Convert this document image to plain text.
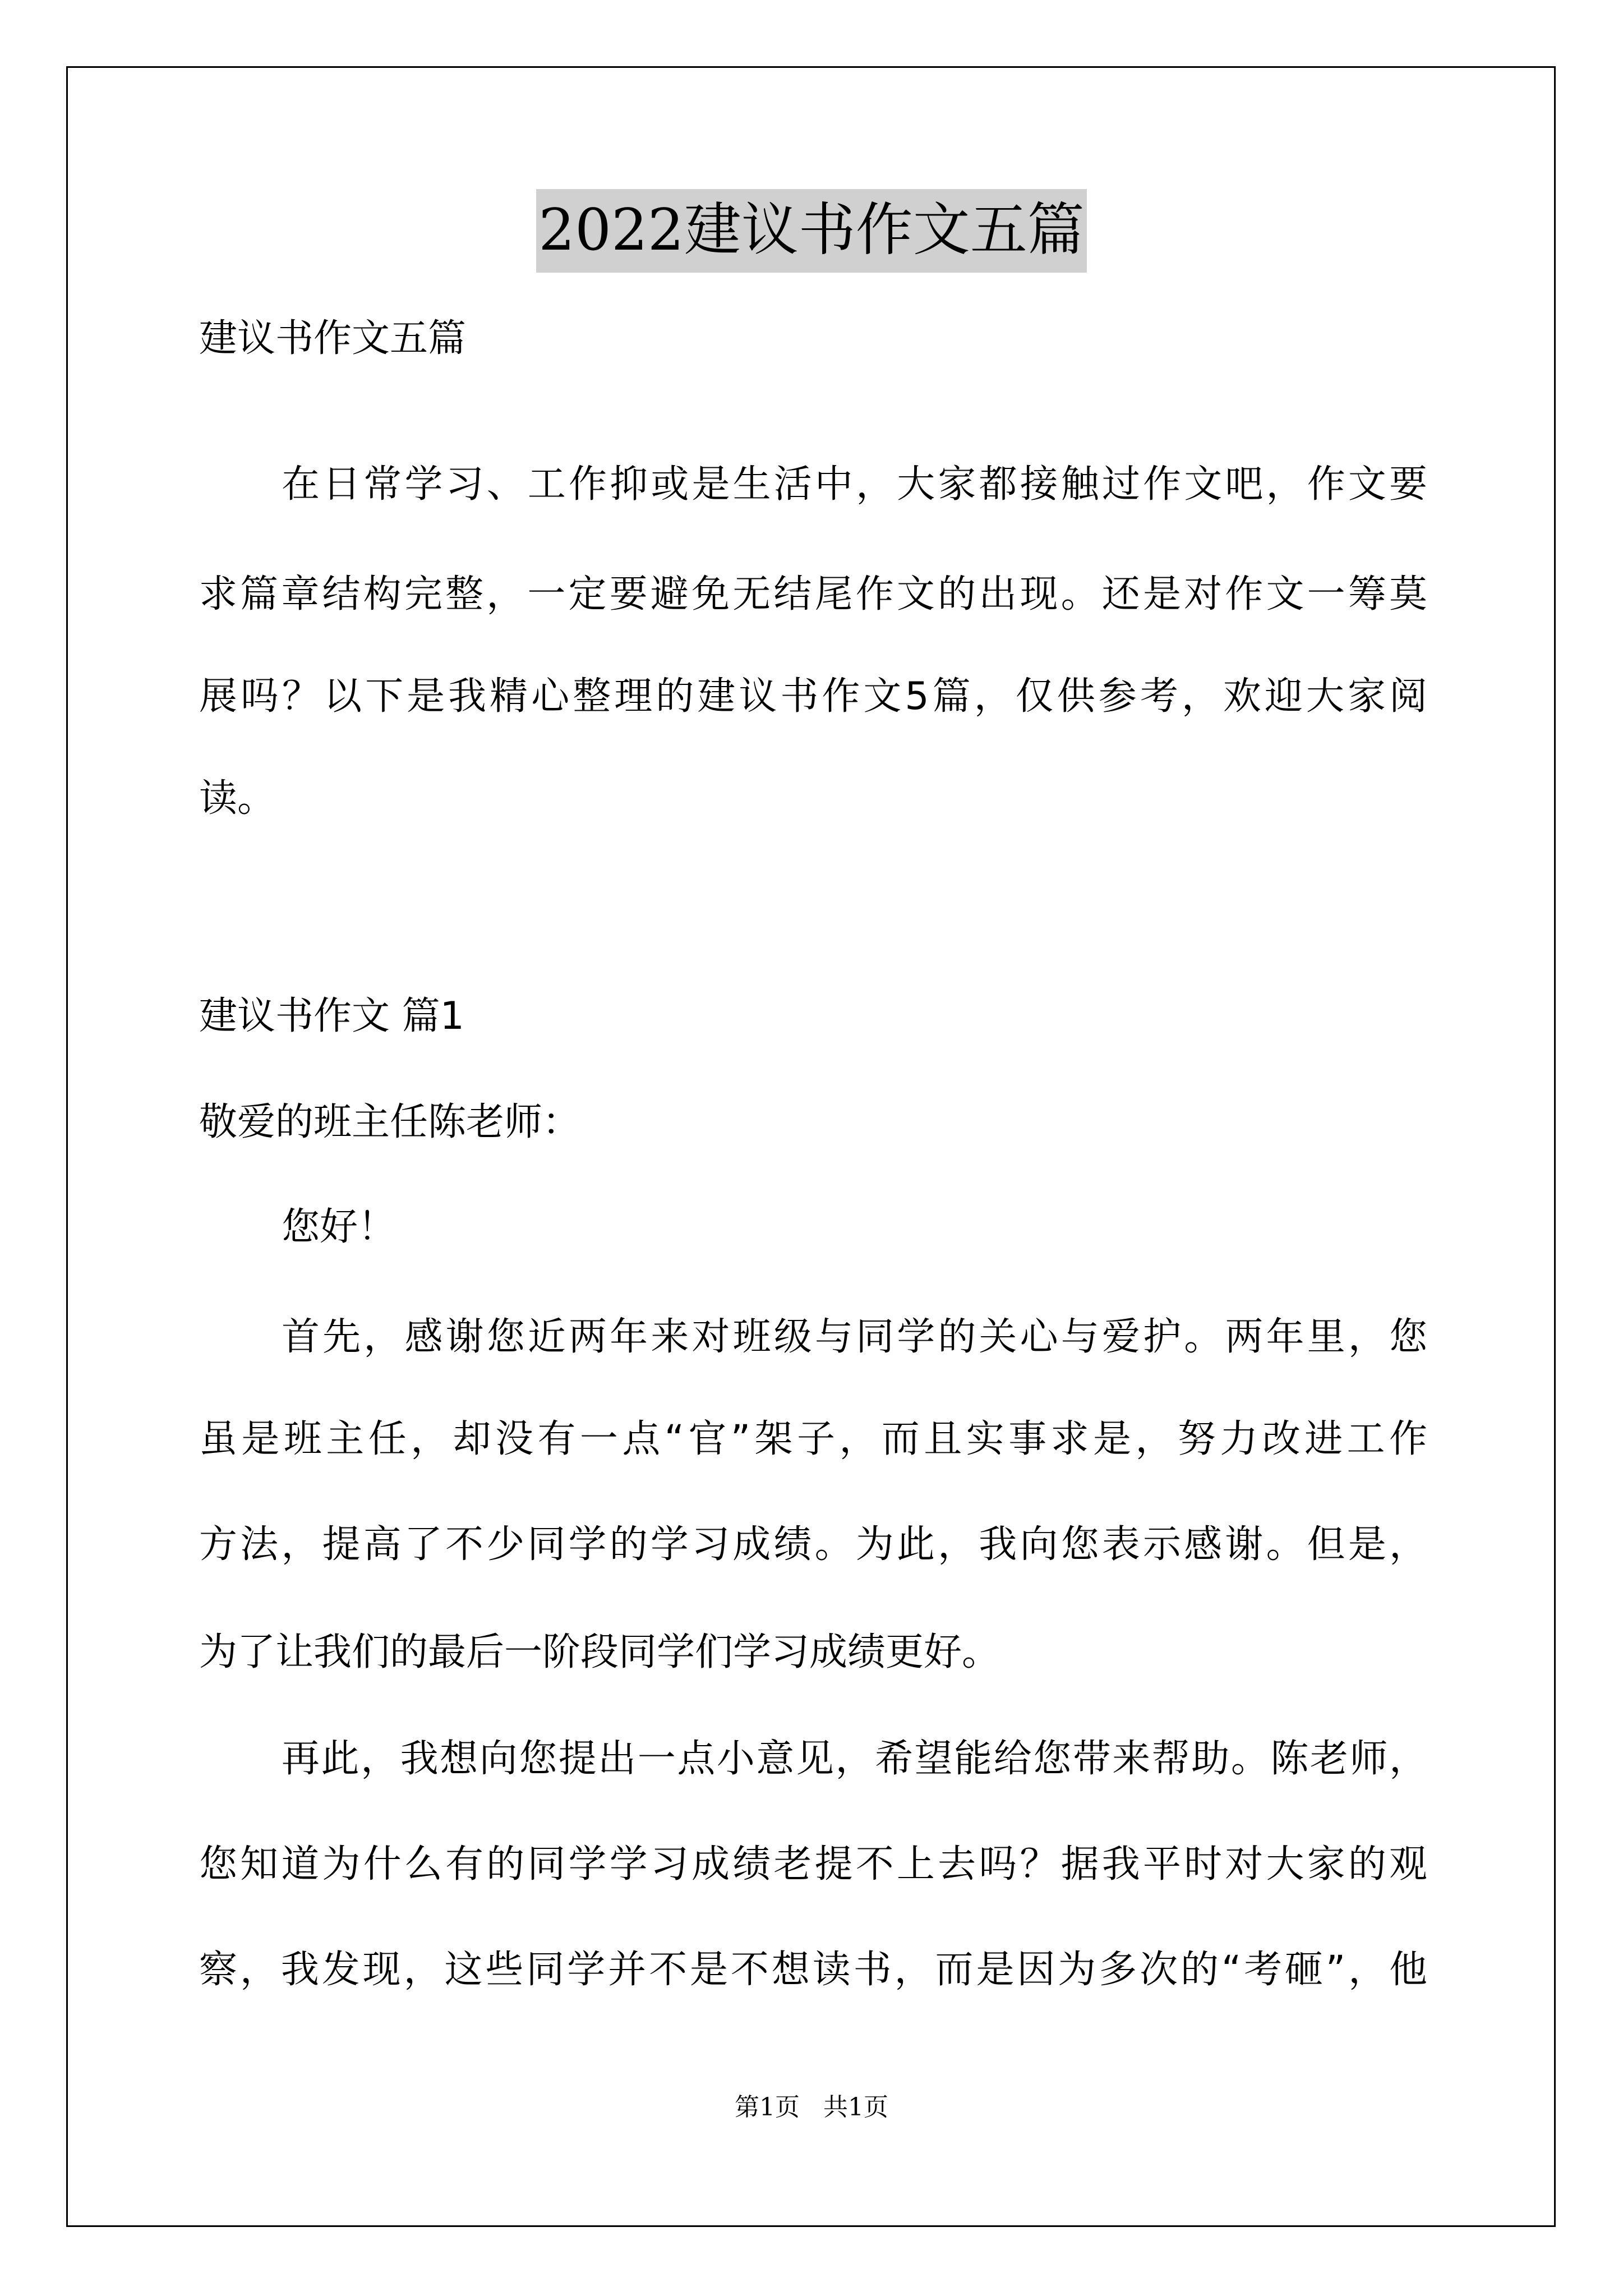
2022建议书作文五篇

建议书作文五篇

在日常学习、工作抑或是生活中，大家都接触过作文吧，作文要

求篇章结构完整，一定要避免无结尾作文的出现。还是对作文一筹莫

展吗？以下是我精心整理的建议书作文5篇，仅供参考，欢迎大家阅

读。

建议书作文 篇1

敬爱的班主任陈老师：

您好！

首先，感谢您近两年来对班级与同学的关心与爱护。两年里，您

虽是班主任，却没有一点“官”架子，而且实事求是，努力改进工作

方法，提高了不少同学的学习成绩。为此，我向您表示感谢。但是，

为了让我们的最后一阶段同学们学习成绩更好。

再此，我想向您提出一点小意见，希望能给您带来帮助。陈老师，

您知道为什么有的同学学习成绩老提不上去吗？据我平时对大家的观

察，我发现，这些同学并不是不想读书，而是因为多次的“考砸”，他

第1页   共1页
